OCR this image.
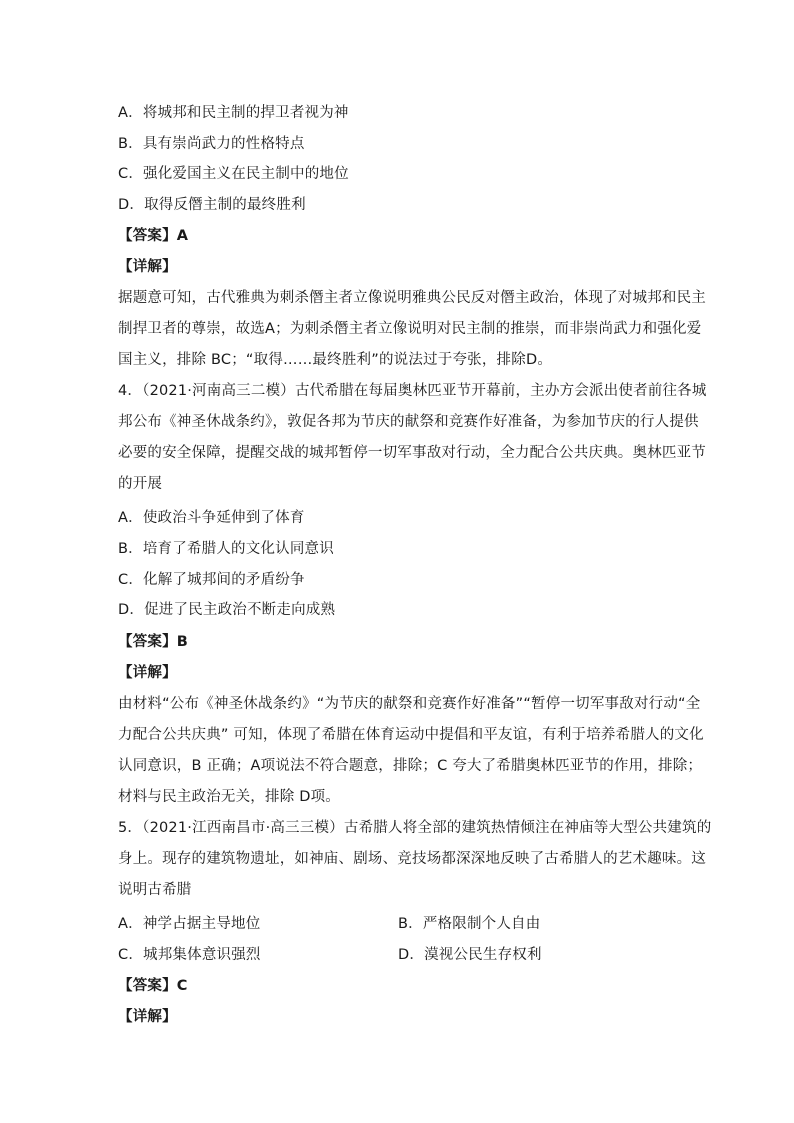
A．将城邦和民主制的捍卫者视为神
B．具有崇尚武力的性格特点
C．强化爱国主义在民主制中的地位
D．取得反僭主制的最终胜利
【答案】A
【详解】
据题意可知，古代雅典为刺杀僭主者立像说明雅典公民反对僭主政治，体现了对城邦和民主
制捍卫者的尊崇，故选A；为刺杀僭主者立像说明对民主制的推崇，而非崇尚武力和强化爱
国主义，排除 BC；“取得……最终胜利”的说法过于夸张，排除D。
4．（2021·河南高三二模）古代希腊在每届奥林匹亚节开幕前，主办方会派出使者前往各城
邦公布《神圣休战条约》，敦促各邦为节庆的献祭和竞赛作好准备，为参加节庆的行人提供
必要的安全保障，提醒交战的城邦暂停一切军事敌对行动，全力配合公共庆典。奥林匹亚节
的开展
A．使政治斗争延伸到了体育
B．培育了希腊人的文化认同意识
C．化解了城邦间的矛盾纷争
D．促进了民主政治不断走向成熟
【答案】B
【详解】
由材料“公布《神圣休战条约》“为节庆的献祭和竞赛作好准备”“暂停一切军事敌对行动“全
力配合公共庆典” 可知，体现了希腊在体育运动中提倡和平友谊，有利于培养希腊人的文化
认同意识，B 正确；A项说法不符合题意，排除；C 夸大了希腊奥林匹亚节的作用，排除；
材料与民主政治无关，排除 D项。
5．（2021·江西南昌市·高三三模）古希腊人将全部的建筑热情倾注在神庙等大型公共建筑的
身上。现存的建筑物遗址，如神庙、剧场、竞技场都深深地反映了古希腊人的艺术趣味。这
说明古希腊
A．神学占据主导地位	B．严格限制个人自由
C．城邦集体意识强烈	D．漠视公民生存权利
【答案】C
【详解】
